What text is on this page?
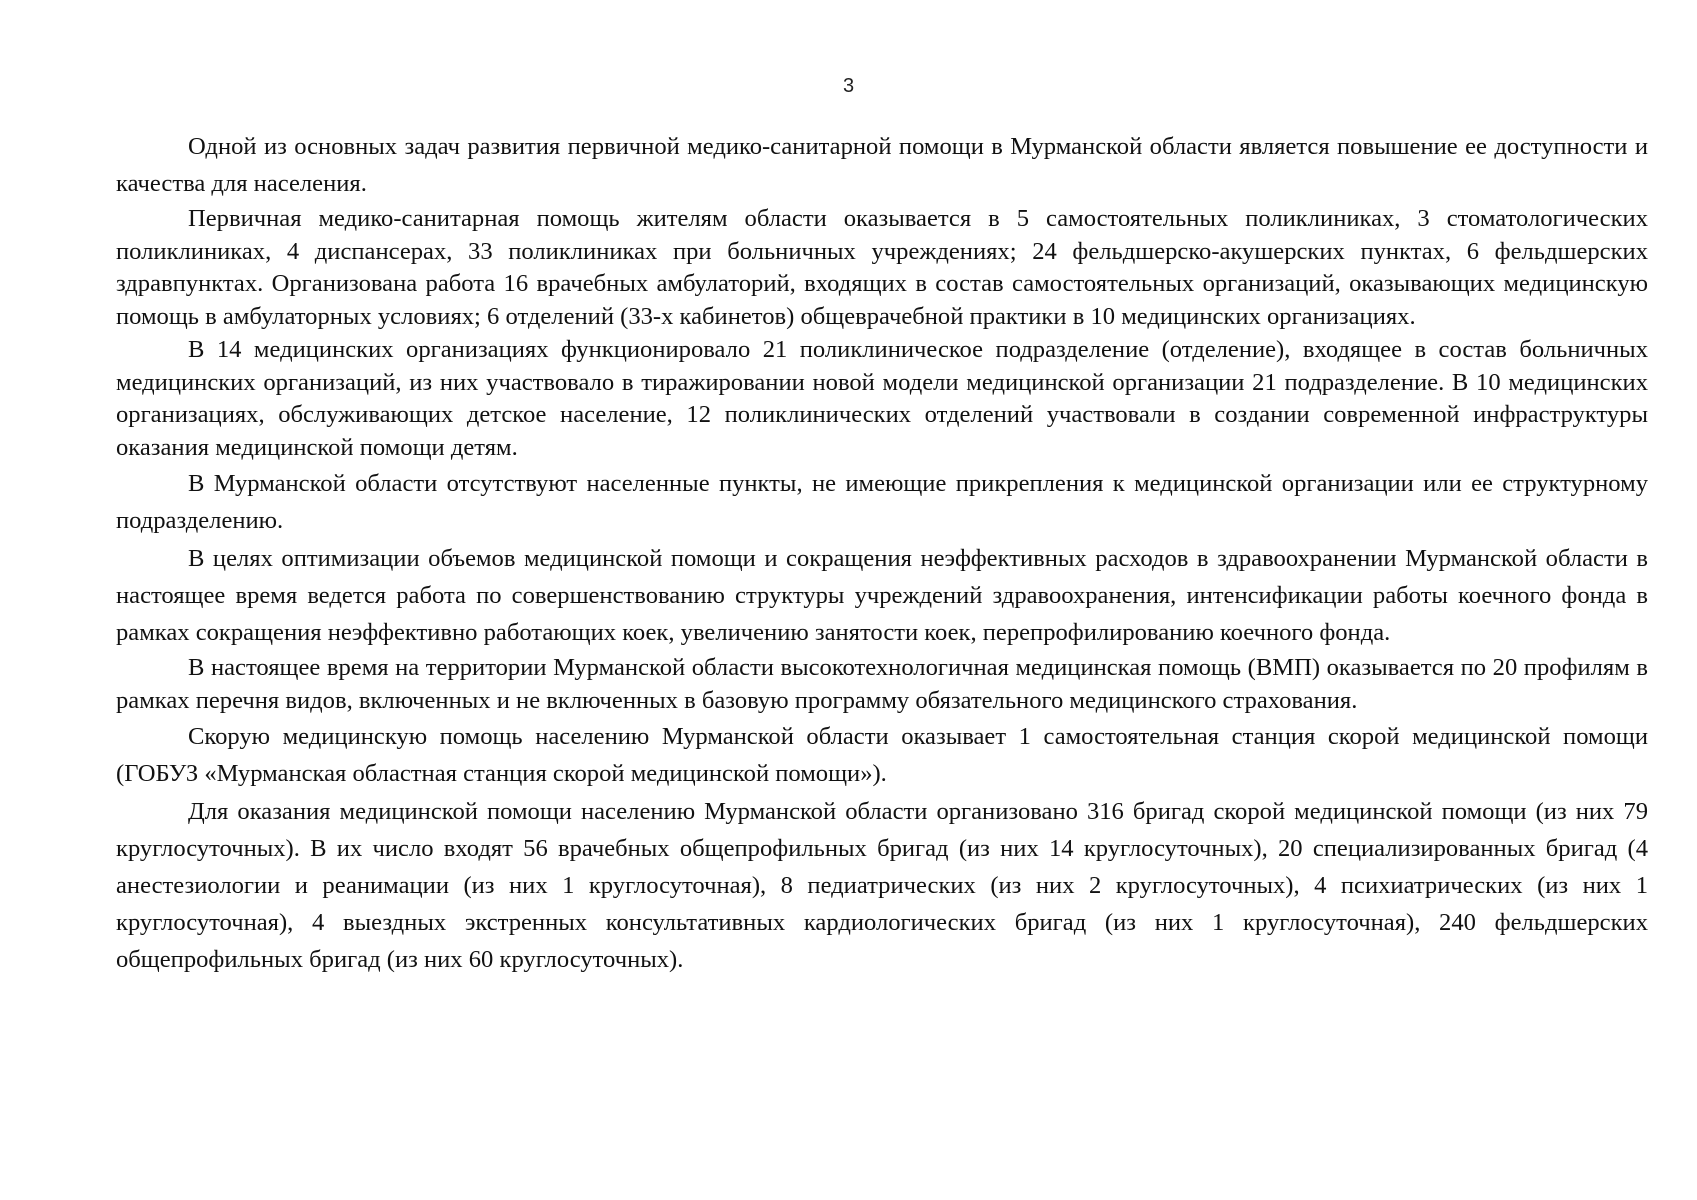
3

Одной из основных задач развития первичной медико-санитарной помощи в Мурманской области является повышение ее доступности и качества для населения.

Первичная медико-санитарная помощь жителям области оказывается в 5 самостоятельных поликлиниках, 3 стоматологических поликлиниках, 4 диспансерах, 33 поликлиниках при больничных учреждениях; 24 фельдшерско-акушерских пунктах, 6 фельдшерских здравпунктах. Организована работа 16 врачебных амбулаторий, входящих в состав самостоятельных организаций, оказывающих медицинскую помощь в амбулаторных условиях; 6 отделений (33-х кабинетов) общеврачебной практики в 10 медицинских организациях.

В 14 медицинских организациях функционировало 21 поликлиническое подразделение (отделение), входящее в состав больничных медицинских организаций, из них участвовало в тиражировании новой модели медицинской организации 21 подразделение. В 10 медицинских организациях, обслуживающих детское население, 12 поликлинических отделений участвовали в создании современной инфраструктуры оказания медицинской помощи детям.

В Мурманской области отсутствуют населенные пункты, не имеющие прикрепления к медицинской организации или ее структурному подразделению.

В целях оптимизации объемов медицинской помощи и сокращения неэффективных расходов в здравоохранении Мурманской области в настоящее время ведется работа по совершенствованию структуры учреждений здравоохранения, интенсификации работы коечного фонда в рамках сокращения неэффективно работающих коек, увеличению занятости коек, перепрофилированию коечного фонда.

В настоящее время на территории Мурманской области высокотехнологичная медицинская помощь (ВМП) оказывается по 20 профилям в рамках перечня видов, включенных и не включенных в базовую программу обязательного медицинского страхования.

Скорую медицинскую помощь населению Мурманской области оказывает 1 самостоятельная станция скорой медицинской помощи (ГОБУЗ «Мурманская областная станция скорой медицинской помощи»).

Для оказания медицинской помощи населению Мурманской области организовано 316 бригад скорой медицинской помощи (из них 79 круглосуточных). В их число входят 56 врачебных общепрофильных бригад (из них 14 круглосуточных), 20 специализированных бригад (4 анестезиологии и реанимации (из них 1 круглосуточная), 8 педиатрических (из них 2 круглосуточных), 4 психиатрических (из них 1 круглосуточная), 4 выездных экстренных консультативных кардиологических бригад (из них 1 круглосуточная), 240 фельдшерских общепрофильных бригад (из них 60 круглосуточных).
